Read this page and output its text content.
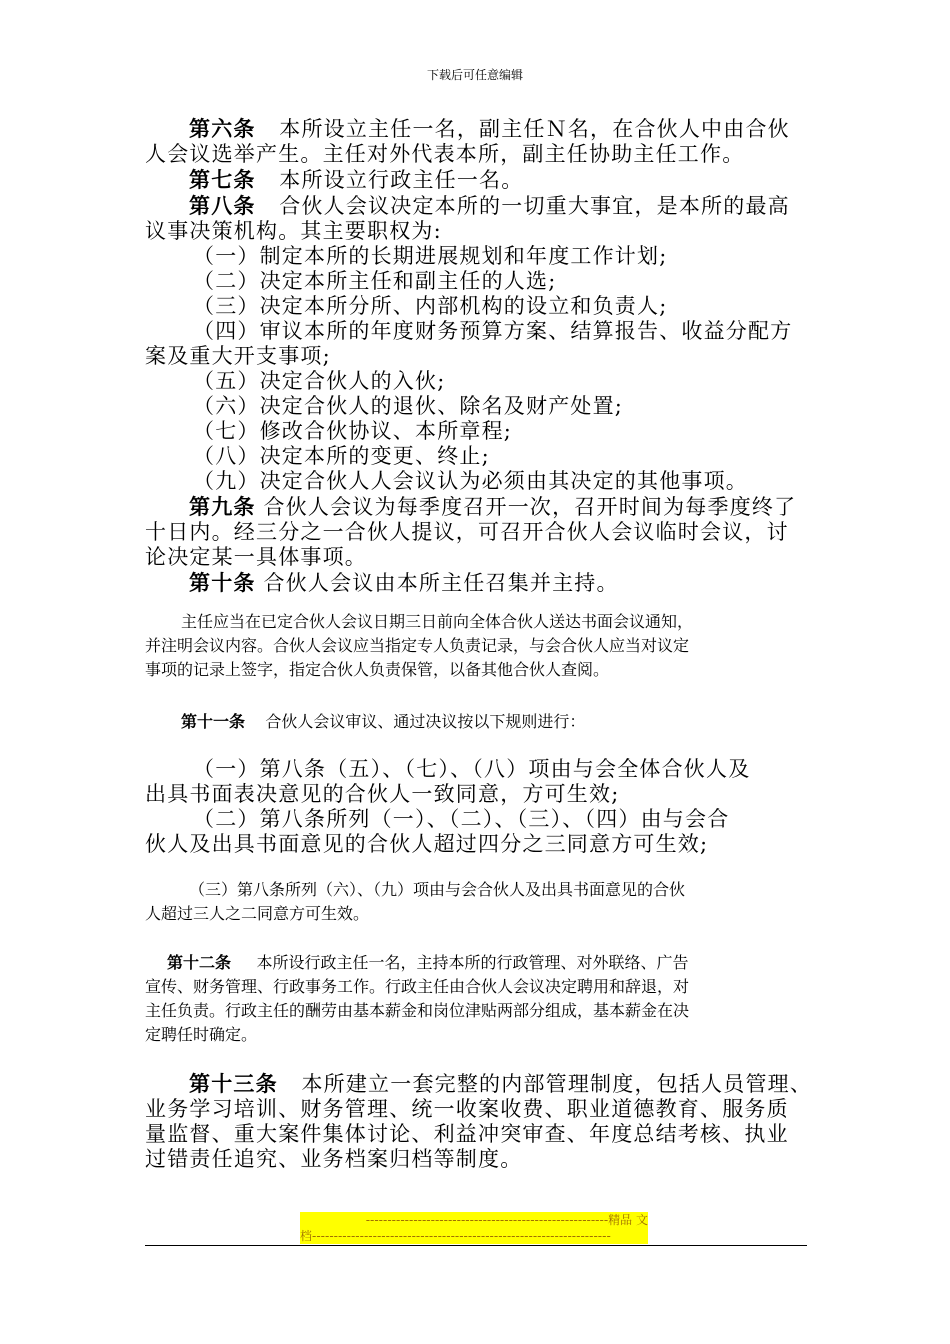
下载后可任意编辑
第六条 本所设立主任一名，副主任Ｎ名，在合伙人中由合伙
人会议选举产生。主任对外代表本所，副主任协助主任工作。
第七条 本所设立行政主任一名。
第八条 合伙人会议决定本所的一切重大事宜，是本所的最高
议事决策机构。其主要职权为:
（一）制定本所的长期进展规划和年度工作计划;
（二）决定本所主任和副主任的人选;
（三）决定本所分所、内部机构的设立和负责人;
（四）审议本所的年度财务预算方案、结算报告、收益分配方
案及重大开支事项;
（五）决定合伙人的入伙;
（六）决定合伙人的退伙、除名及财产处置;
（七）修改合伙协议、本所章程;
（八）决定本所的变更、终止;
（九）决定合伙人人会议认为必须由其决定的其他事项。
第九条 合伙人会议为每季度召开一次，召开时间为每季度终了
十日内。经三分之一合伙人提议，可召开合伙人会议临时会议，讨
论决定某一具体事项。
第十条 合伙人会议由本所主任召集并主持。
主任应当在已定合伙人会议日期三日前向全体合伙人送达书面会议通知，
并注明会议内容。合伙人会议应当指定专人负责记录，与会合伙人应当对议定
事项的记录上签字，指定合伙人负责保管，以备其他合伙人查阅。
第十一条 合伙人会议审议、通过决议按以下规则进行：
（一）第八条（五）、（七）、（八）项由与会全体合伙人及
出具书面表决意见的合伙人一致同意，方可生效;
（二）第八条所列（一）、（二）、（三）、（四）由与会合
伙人及出具书面意见的合伙人超过四分之三同意方可生效;
（三）第八条所列（六）、（九）项由与会合伙人及出具书面意见的合伙
人超过三人之二同意方可生效。
第十二条 本所设行政主任一名，主持本所的行政管理、对外联络、广告
宣传、财务管理、行政事务工作。行政主任由合伙人会议决定聘用和辞退，对
主任负责。行政主任的酬劳由基本薪金和岗位津贴两部分组成，基本薪金在决
定聘任时确定。
第十三条 本所建立一套完整的内部管理制度，包括人员管理、
业务学习培训、财务管理、统一收案收费、职业道德教育、服务质
量监督、重大案件集体讨论、利益冲突审查、年度总结考核、执业
过错责任追究、业务档案归档等制度。
--------------------------------------------------------精品 文
档---------------------------------------------------------------------
